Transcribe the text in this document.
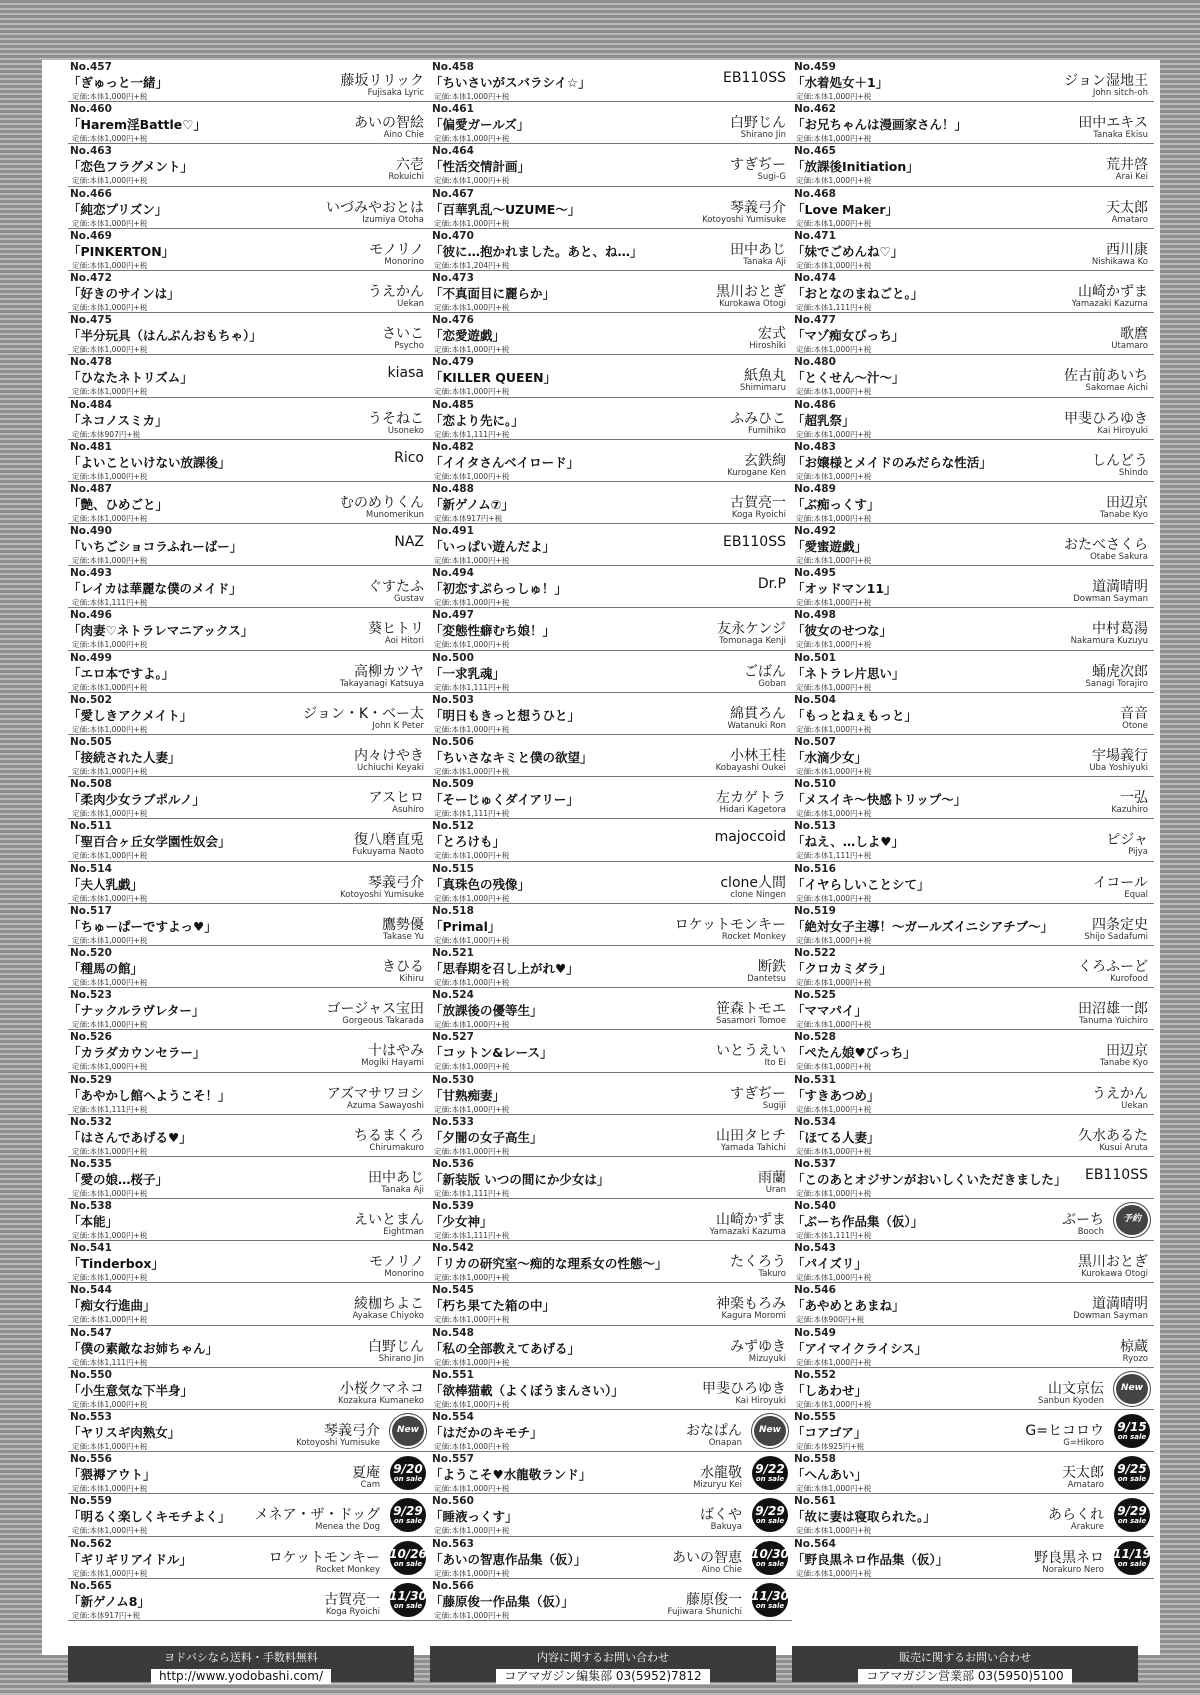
No.457
「ぎゅっと一緒」
定価:本体1,000円+税
藤坂リリック
Fujisaka Lyric
No.460
「Harem淫Battle♡」
定価:本体1,000円+税
あいの智絵
Aino Chie
No.463
「恋色フラグメント」
定価:本体1,000円+税
六壱
Rokuichi
No.466
「純恋プリズン」
定価:本体1,000円+税
いづみやおとは
Izumiya Otoha
No.469
「PINKERTON」
定価:本体1,000円+税
モノリノ
Monorino
No.472
「好きのサインは」
定価:本体1,000円+税
うえかん
Uekan
No.475
「半分玩具（はんぶんおもちゃ）」
定価:本体1,000円+税
さいこ
Psycho
No.478
「ひなたネトリズム」
定価:本体1,000円+税
kiasa
No.484
「ネコノスミカ」
定価:本体907円+税
うそねこ
Usoneko
No.481
「よいこといけない放課後」
定価:本体1,000円+税
Rico
No.487
「艶、ひめごと」
定価:本体1,000円+税
むのめりくん
Munomerikun
No.490
「いちごショコラふれーばー」
定価:本体1,000円+税
NAZ
No.493
「レイカは華麗な僕のメイド」
定価:本体1,111円+税
ぐすたふ
Gustav
No.496
「肉妻♡ネトラレマニアックス」
定価:本体1,000円+税
葵ヒトリ
Aoi Hitori
No.499
「エロ本ですよ。」
定価:本体1,000円+税
高柳カツヤ
Takayanagi Katsuya
No.502
「愛しきアクメイト」
定価:本体1,000円+税
ジョン・K・ベー太
John K Peter
No.505
「接続された人妻」
定価:本体1,000円+税
内々けやき
Uchiuchi Keyaki
No.508
「柔肉少女ラブポルノ」
定価:本体1,000円+税
アスヒロ
Asuhiro
No.511
「聖百合ヶ丘女学園性奴会」
定価:本体1,000円+税
復八磨直兎
Fukuyama Naoto
No.514
「夫人乳戯」
定価:本体1,000円+税
琴義弓介
Kotoyoshi Yumisuke
No.517
「ちゅーぱーですよっ♥」
定価:本体1,000円+税
鷹勢優
Takase Yu
No.520
「種馬の館」
定価:本体1,000円+税
きひる
Kihiru
No.523
「ナックルラヴレター」
定価:本体1,000円+税
ゴージャス宝田
Gorgeous Takarada
No.526
「カラダカウンセラー」
定価:本体1,000円+税
十はやみ
Mogiki Hayami
No.529
「あやかし館へようこそ！」
定価:本体1,111円+税
アズマサワヨシ
Azuma Sawayoshi
No.532
「はさんであげる♥」
定価:本体1,000円+税
ちるまくろ
Chirumakuro
No.535
「愛の娘…桜子」
定価:本体1,000円+税
田中あじ
Tanaka Aji
No.538
「本能」
定価:本体1,000円+税
えいとまん
Eightman
No.541
「Tinderbox」
定価:本体1,000円+税
モノリノ
Monorino
No.544
「痴女行進曲」
定価:本体1,000円+税
綾枷ちよこ
Ayakase Chiyoko
No.547
「僕の素敵なお姉ちゃん」
定価:本体1,111円+税
白野じん
Shirano Jin
No.550
「小生意気な下半身」
定価:本体1,000円+税
小桜クマネコ
Kozakura Kumaneko
No.553
「ヤリスギ肉熟女」
定価:本体1,000円+税
琴義弓介
Kotoyoshi Yumisuke
New
No.556
「猥褥アウト」
定価:本体1,000円+税
夏庵
Cam
9/20
on sale
No.559
「明るく楽しくキモチよく」
定価:本体1,000円+税
メネア・ザ・ドッグ
Menea the Dog
9/29
on sale
No.562
「ギリギリアイドル」
定価:本体1,000円+税
ロケットモンキー
Rocket Monkey
10/26
on sale
No.565
「新ゲノム8」
定価:本体917円+税
古賀亮一
Koga Ryoichi
11/30
on sale
No.458
「ちいさいがスバラシイ☆」
定価:本体1,000円+税
EB110SS
No.461
「偏愛ガールズ」
定価:本体1,000円+税
白野じん
Shirano Jin
No.464
「性活交情計画」
定価:本体1,000円+税
すぎぢー
Sugi-G
No.467
「百華乳乱〜UZUME〜」
定価:本体1,000円+税
琴義弓介
Kotoyoshi Yumisuke
No.470
「彼に…抱かれました。あと、ね…」
定価:本体1,204円+税
田中あじ
Tanaka Aji
No.473
「不真面目に麗らか」
定価:本体1,000円+税
黒川おとぎ
Kurokawa Otogi
No.476
「恋愛遊戯」
定価:本体1,000円+税
宏式
Hiroshiki
No.479
「KILLER QUEEN」
定価:本体1,000円+税
紙魚丸
Shimimaru
No.485
「恋より先に。」
定価:本体1,111円+税
ふみひこ
Fumihiko
No.482
「イイタさんベイロード」
定価:本体1,000円+税
玄鉄絢
Kurogane Ken
No.488
「新ゲノム⑦」
定価:本体917円+税
古賀亮一
Koga Ryoichi
No.491
「いっぱい遊んだよ」
定価:本体1,000円+税
EB110SS
No.494
「初恋すぷらっしゅ！」
定価:本体1,000円+税
Dr.P
No.497
「変態性癖むち娘！」
定価:本体1,000円+税
友永ケンジ
Tomonaga Kenji
No.500
「一求乳魂」
定価:本体1,111円+税
ごばん
Goban
No.503
「明日もきっと想うひと」
定価:本体1,000円+税
綿貫ろん
Watanuki Ron
No.506
「ちいさなキミと僕の欲望」
定価:本体1,000円+税
小林王桂
Kobayashi Oukei
No.509
「そーじゅくダイアリー」
定価:本体1,111円+税
左カゲトラ
Hidari Kagetora
No.512
「とろけも」
定価:本体1,000円+税
majoccoid
No.515
「真珠色の残像」
定価:本体1,000円+税
clone人間
clone Ningen
No.518
「Primal」
定価:本体1,000円+税
ロケットモンキー
Rocket Monkey
No.521
「思春期を召し上がれ♥」
定価:本体1,000円+税
断鉄
Dantetsu
No.524
「放課後の優等生」
定価:本体1,000円+税
笹森トモエ
Sasamori Tomoe
No.527
「コットン&レース」
定価:本体1,000円+税
いとうえい
Ito Ei
No.530
「甘熟痴妻」
定価:本体1,000円+税
すぎぢー
Sugiji
No.533
「夕闇の女子高生」
定価:本体1,000円+税
山田タヒチ
Yamada Tahichi
No.536
「新装版 いつの間にか少女は」
定価:本体1,111円+税
雨蘭
Uran
No.539
「少女神」
定価:本体1,111円+税
山崎かずま
Yamazaki Kazuma
No.542
「リカの研究室〜痴的な理系女の性態〜」
定価:本体1,000円+税
たくろう
Takuro
No.545
「朽ち果てた箱の中」
定価:本体1,000円+税
神楽もろみ
Kagura Moromi
No.548
「私の全部教えてあげる」
定価:本体1,000円+税
みずゆき
Mizuyuki
No.551
「欲棒猫載（よくぼうまんさい）」
定価:本体1,000円+税
甲斐ひろゆき
Kai Hiroyuki
No.554
「はだかのキモチ」
定価:本体1,000円+税
おなぱん
Onapan
New
No.557
「ようこそ♥水龍敬ランド」
定価:本体1,000円+税
水龍敬
Mizuryu Kei
9/22
on sale
No.560
「睡液っくす」
定価:本体1,000円+税
ばくや
Bakuya
9/29
on sale
No.563
「あいの智恵作品集（仮）」
定価:本体1,000円+税
あいの智恵
Aino Chie
10/30
on sale
No.566
「藤原俊一作品集（仮）」
定価:本体1,000円+税
藤原俊一
Fujiwara Shunichi
11/30
on sale
No.459
「水着処女＋1」
定価:本体1,000円+税
ジョン湿地王
John sitch-oh
No.462
「お兄ちゃんは漫画家さん！」
定価:本体1,000円+税
田中エキス
Tanaka Ekisu
No.465
「放課後Initiation」
定価:本体1,000円+税
荒井啓
Arai Kei
No.468
「Love Maker」
定価:本体1,000円+税
天太郎
Amataro
No.471
「妹でごめんね♡」
定価:本体1,000円+税
西川康
Nishikawa Ko
No.474
「おとなのまねごと。」
定価:本体1,111円+税
山崎かずま
Yamazaki Kazuma
No.477
「マゾ痴女びっち」
定価:本体1,000円+税
歌麿
Utamaro
No.480
「とくせん〜汁〜」
定価:本体1,000円+税
佐古前あいち
Sakomae Aichi
No.486
「超乳祭」
定価:本体1,000円+税
甲斐ひろゆき
Kai Hiroyuki
No.483
「お嬢様とメイドのみだらな性活」
定価:本体1,000円+税
しんどう
Shindo
No.489
「ぶ痴っくす」
定価:本体1,000円+税
田辺京
Tanabe Kyo
No.492
「愛蜜遊戯」
定価:本体1,000円+税
おたべさくら
Otabe Sakura
No.495
「オッドマン11」
定価:本体1,000円+税
道満晴明
Dowman Sayman
No.498
「彼女のせつな」
定価:本体1,000円+税
中村葛湯
Nakamura Kuzuyu
No.501
「ネトラレ片思い」
定価:本体1,000円+税
蛹虎次郎
Sanagi Torajiro
No.504
「もっとねぇもっと」
定価:本体1,000円+税
音音
Otone
No.507
「水滴少女」
定価:本体1,000円+税
宇場義行
Uba Yoshiyuki
No.510
「メスイキ〜快感トリップ〜」
定価:本体1,000円+税
一弘
Kazuhiro
No.513
「ねえ、…しよ♥」
定価:本体1,111円+税
ピジャ
Pijya
No.516
「イヤらしいことシて」
定価:本体1,000円+税
イコール
Equal
No.519
「絶対女子主導！〜ガールズイニシアチブ〜」
定価:本体1,000円+税
四条定史
Shijo Sadafumi
No.522
「クロカミダラ」
定価:本体1,000円+税
くろふーど
Kurofood
No.525
「ママパイ」
定価:本体1,000円+税
田沼雄一郎
Tanuma Yuichiro
No.528
「ぺたん娘♥びっち」
定価:本体1,000円+税
田辺京
Tanabe Kyo
No.531
「すきあつめ」
定価:本体1,000円+税
うえかん
Uekan
No.534
「ほてる人妻」
定価:本体1,000円+税
久水あるた
Kusui Aruta
No.537
「このあとオジサンがおいしくいただきました」
定価:本体1,000円+税
EB110SS
No.540
「ぶーち作品集（仮）」
定価:本体1,111円+税
ぶーち
Booch
予約
No.543
「パイズリ」
定価:本体1,000円+税
黒川おとぎ
Kurokawa Otogi
No.546
「あやめとあまね」
定価:本体900円+税
道満晴明
Dowman Sayman
No.549
「アイマイクライシス」
定価:本体1,000円+税
椋蔵
Ryozo
No.552
「しあわせ」
定価:本体1,000円+税
山文京伝
Sanbun Kyoden
New
No.555
「コアゴア」
定価:本体925円+税
G=ヒコロウ
G=Hikoro
9/15
on sale
No.558
「へんあい」
定価:本体1,000円+税
天太郎
Amataro
9/25
on sale
No.561
「故に妻は寝取られた。」
定価:本体1,000円+税
あらくれ
Arakure
9/29
on sale
No.564
「野良黒ネロ作品集（仮）」
定価:本体1,000円+税
野良黒ネロ
Norakuro Nero
11/19
on sale
ヨドバシなら送料・手数料無料
http://www.yodobashi.com/
内容に関するお問い合わせ
コアマガジン編集部 03(5952)7812
販売に関するお問い合わせ
コアマガジン営業部 03(5950)5100
